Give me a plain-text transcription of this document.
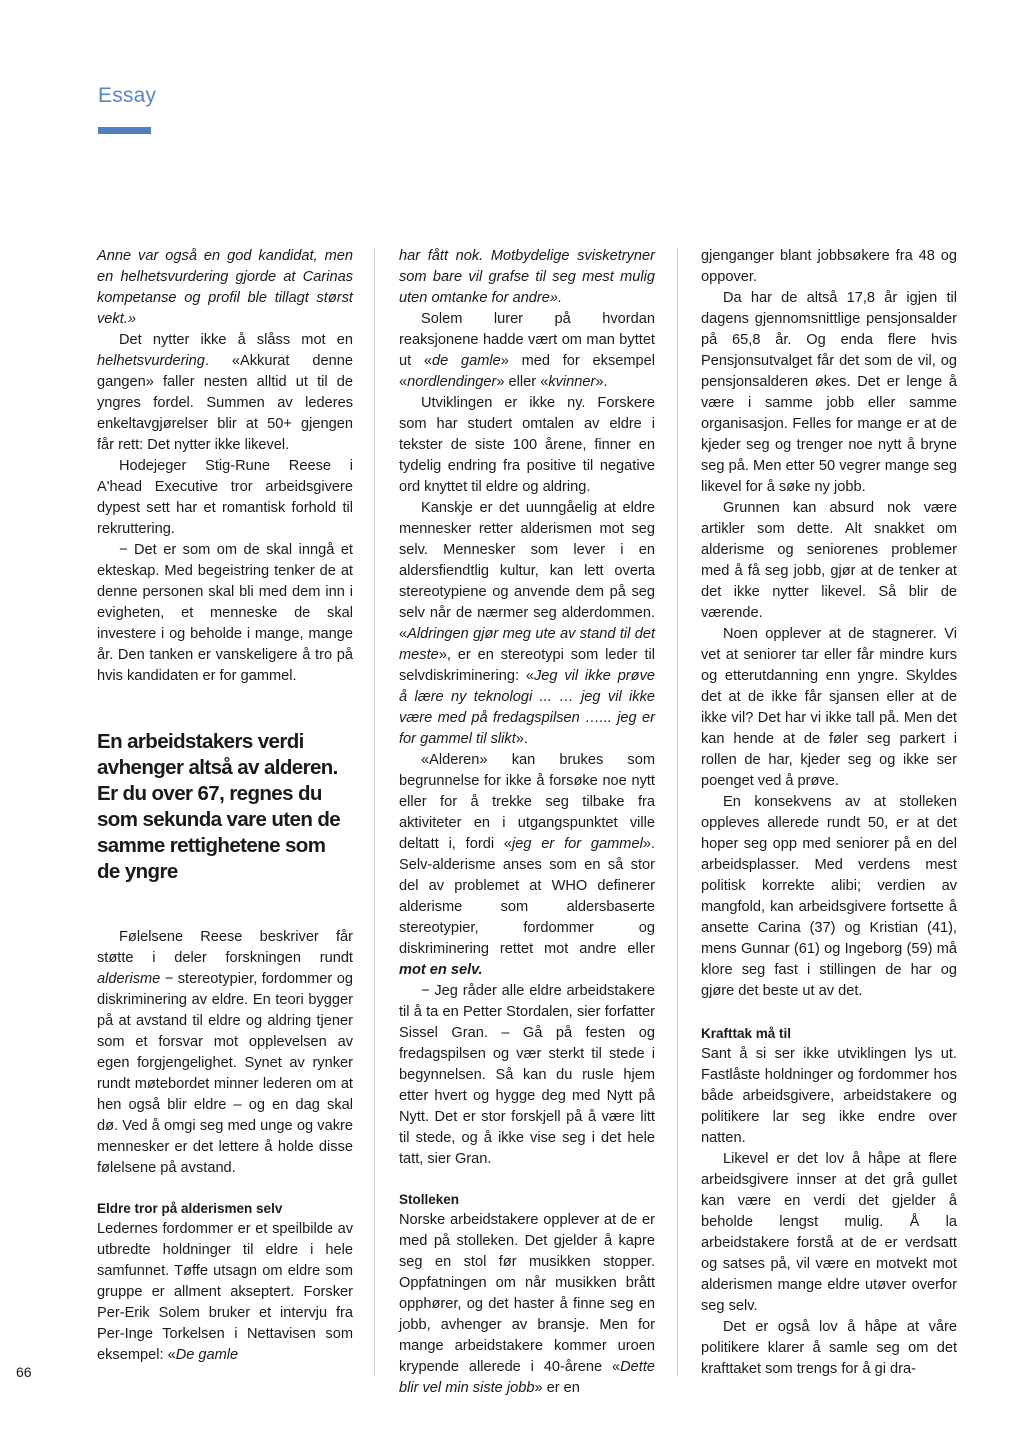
Essay

Anne var også en god kandidat, men en helhetsvurdering gjorde at Carinas kompetanse og profil ble tillagt størst vekt.»

Det nytter ikke å slåss mot en helhetsvurdering. «Akkurat denne gangen» faller nesten alltid ut til de yngres fordel. Summen av lederes enkeltavgjørelser blir at 50+ gjengen får rett: Det nytter ikke likevel.

Hodejeger Stig-Rune Reese i A'head Executive tror arbeidsgivere dypest sett har et romantisk forhold til rekruttering.

− Det er som om de skal inngå et ekteskap. Med begeistring tenker de at denne personen skal bli med dem inn i evigheten, et menneske de skal investere i og beholde i mange, mange år. Den tanken er vanskeligere å tro på hvis kandidaten er for gammel.

En arbeidstakers verdi avhenger altså av alderen. Er du over 67, regnes du som sekunda vare uten de samme rettighetene som de yngre

Følelsene Reese beskriver får støtte i deler forskningen rundt alderisme − stereotypier, fordommer og diskriminering av eldre. En teori bygger på at avstand til eldre og aldring tjener som et forsvar mot opplevelsen av egen forgjengelighet. Synet av rynker rundt møtebordet minner lederen om at hen også blir eldre – og en dag skal dø. Ved å omgi seg med unge og vakre mennesker er det lettere å holde disse følelsene på avstand.

Eldre tror på alderismen selv

Ledernes fordommer er et speilbilde av utbredte holdninger til eldre i hele samfunnet. Tøffe utsagn om eldre som gruppe er allment akseptert. Forsker Per-Erik Solem bruker et intervju fra Per-Inge Torkelsen i Nettavisen som eksempel: «De gamle

har fått nok. Motbydelige svisketryner som bare vil grafse til seg mest mulig uten omtanke for andre».

Solem lurer på hvordan reaksjonene hadde vært om man byttet ut «de gamle» med for eksempel «nordlendinger» eller «kvinner».

Utviklingen er ikke ny. Forskere som har studert omtalen av eldre i tekster de siste 100 årene, finner en tydelig endring fra positive til negative ord knyttet til eldre og aldring.

Kanskje er det uunngåelig at eldre mennesker retter alderismen mot seg selv. Mennesker som lever i en aldersfiendtlig kultur, kan lett overta stereotypiene og anvende dem på seg selv når de nærmer seg alderdommen. «Aldringen gjør meg ute av stand til det meste», er en stereotypi som leder til selvdiskriminering: «Jeg vil ikke prøve å lære ny teknologi ... … jeg vil ikke være med på fredagspilsen …... jeg er for gammel til slikt».

«Alderen» kan brukes som begrunnelse for ikke å forsøke noe nytt eller for å trekke seg tilbake fra aktiviteter en i utgangspunktet ville deltatt i, fordi «jeg er for gammel». Selv-alderisme anses som en så stor del av problemet at WHO definerer alderisme som aldersbaserte stereotypier, fordommer og diskriminering rettet mot andre eller mot en selv.

− Jeg råder alle eldre arbeidstakere til å ta en Petter Stordalen, sier forfatter Sissel Gran. – Gå på festen og fredagspilsen og vær sterkt til stede i begynnelsen. Så kan du rusle hjem etter hvert og hygge deg med Nytt på Nytt. Det er stor forskjell på å være litt til stede, og å ikke vise seg i det hele tatt, sier Gran.

Stolleken

Norske arbeidstakere opplever at de er med på stolleken. Det gjelder å kapre seg en stol før musikken stopper. Oppfatningen om når musikken brått opphører, og det haster å finne seg en jobb, avhenger av bransje. Men for mange arbeidstakere kommer uroen krypende allerede i 40-årene «Dette blir vel min siste jobb» er en

gjenganger blant jobbsøkere fra 48 og oppover.

Da har de altså 17,8 år igjen til dagens gjennomsnittlige pensjonsalder på 65,8 år. Og enda flere hvis Pensjonsutvalget får det som de vil, og pensjonsalderen økes. Det er lenge å være i samme jobb eller samme organisasjon. Felles for mange er at de kjeder seg og trenger noe nytt å bryne seg på. Men etter 50 vegrer mange seg likevel for å søke ny jobb.

Grunnen kan absurd nok være artikler som dette. Alt snakket om alderisme og seniorenes problemer med å få seg jobb, gjør at de tenker at det ikke nytter likevel. Så blir de værende.

Noen opplever at de stagnerer. Vi vet at seniorer tar eller får mindre kurs og etterutdanning enn yngre. Skyldes det at de ikke får sjansen eller at de ikke vil? Det har vi ikke tall på. Men det kan hende at de føler seg parkert i rollen de har, kjeder seg og ikke ser poenget ved å prøve.

En konsekvens av at stolleken oppleves allerede rundt 50, er at det hoper seg opp med seniorer på en del arbeidsplasser. Med verdens mest politisk korrekte alibi; verdien av mangfold, kan arbeidsgivere fortsette å ansette Carina (37) og Kristian (41), mens Gunnar (61) og Ingeborg (59) må klore seg fast i stillingen de har og gjøre det beste ut av det.

Krafttak må til

Sant å si ser ikke utviklingen lys ut. Fastlåste holdninger og fordommer hos både arbeidsgivere, arbeidstakere og politikere lar seg ikke endre over natten.

Likevel er det lov å håpe at flere arbeidsgivere innser at det grå gullet kan være en verdi det gjelder å beholde lengst mulig. Å la arbeidstakere forstå at de er verdsatt og satses på, vil være en motvekt mot alderismen mange eldre utøver overfor seg selv.

Det er også lov å håpe at våre politikere klarer å samle seg om det krafttaket som trengs for å gi dra-

66
